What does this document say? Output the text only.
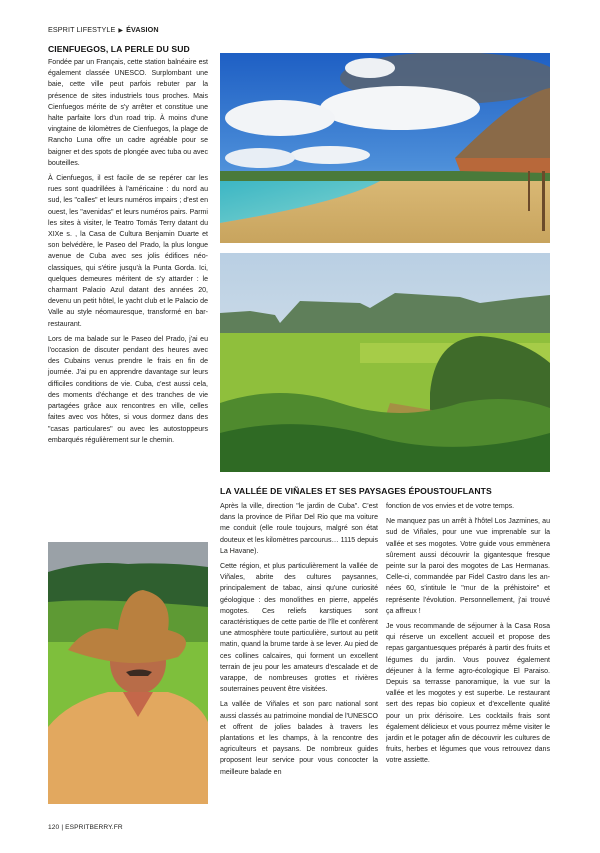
ESPRIT LIFESTYLE ▶ ÉVASION
CIENFUEGOS, LA PERLE DU SUD

Fondée par un Français, cette station balnéaire est également classée UNESCO. Surplombant une baie, cette ville peut parfois rebuter par la présence de sites industriels tous proches. Mais Cienfuegos mérite de s'y arrêter et constitue une halte parfaite lors d'un road trip. À moins d'une vingtaine de kilomètres de Cienfuegos, la plage de Rancho Luna offre un cadre agréable pour se baigner et des spots de plongée avec tuba ou avec bouteilles.

À Cienfuegos, il est facile de se repérer car les rues sont quadrillées à l'américaine : du nord au sud, les "calles" et leurs numéros impairs ; d'est en ouest, les "avenidas" et leurs numéros pairs. Parmi les sites à visiter, le Teatro Tomás Terry datant du XIXe s. , la Casa de Cultura Benjamin Duarte et son belvédère, le Paseo del Prado, la plus longue avenue de Cuba avec ses jolis édifices néoclassiques, qui s'étire jusqu'à la Punta Gorda. Ici, quelques demeures méritent de s'y attarder : le charmant Palacio Azul datant des années 20, devenu un petit hôtel, le yacht club et le Palacio de Valle au style néomauresque, transformé en bar-restaurant.

Lors de ma balade sur le Paseo del Prado, j'ai eu l'occasion de discuter pendant des heures avec des Cubains venus prendre le frais en fin de journée. J'ai pu en apprendre davantage sur leurs difficiles conditions de vie. Cuba, c'est aussi cela, des moments d'échange et des tranches de vie partagées grâce aux rencontres en ville, celles faites avec vos hôtes, si vous dormez dans des "casas particulares" ou avec les autostoppeurs embarqués régulièrement sur le chemin.

LA VALLÉE DE VIÑALES ET SES PAYSAGES ÉPOUSTOUFLANTS

Après la ville, direction "le jardin de Cuba". C'est dans la province de Piñar Del Rio que ma voiture me conduit (elle roule toujours, malgré son état douteux et les kilomètres parcourus… 1115 depuis La Havane).

Cette région, et plus particulièrement la vallée de Viñales, abrite des cultures paysannes, principalement de tabac, ainsi qu'une curiosité géologique : des monolithes en pierre, appelés mogotes. Ces reliefs karstiques sont caractéristiques de cette partie de l'île et confèrent une atmosphère toute particulière, surtout au petit matin, quand la brume tarde à se lever. Au pied de ces collines calcaires, qui forment un excellent terrain de jeu pour les amateurs d'escalade et de varappe, de nombreuses grottes et rivières souterraines peuvent être visitées.

La vallée de Viñales et son parc national sont aussi classés au patrimoine mondial de l'UNESCO et offrent de jolies balades à travers les plantations et les champs, à la rencontre des agriculteurs et paysans. De nombreux guides proposent leur service pour vous concocter la meilleure balade en

fonction de vos envies et de votre temps.

Ne manquez pas un arrêt à l'hôtel Los Jazmines, au sud de Viñales, pour une vue imprenable sur la vallée et ses mogotes. Votre guide vous emmènera sûrement aussi découvrir la gigantesque fresque peinte sur la paroi des mogotes de Las Hermanas. Celle-ci, commandée par Fidel Castro dans les années 60, s'intitule le "mur de la préhistoire" et représente l'évolution. Personnellement, j'ai trouvé ça affreux !

Je vous recommande de séjourner à la Casa Rosa qui réserve un excellent accueil et propose des repas gargantuesques préparés à partir des fruits et légumes du jardin. Vous pouvez également déjeuner à la ferme agro-écologique El Paraiso. Depuis sa terrasse panoramique, la vue sur la vallée et les mogotes y est superbe. Le restaurant sert des repas bio copieux et d'excellente qualité pour un prix dérisoire. Les cocktails frais sont également délicieux et vous pourrez même visiter le jardin et le potager afin de découvrir les cultures de fruits, herbes et légumes que vous retrouvez dans votre assiette.

120 | ESPRITBERRY.FR
